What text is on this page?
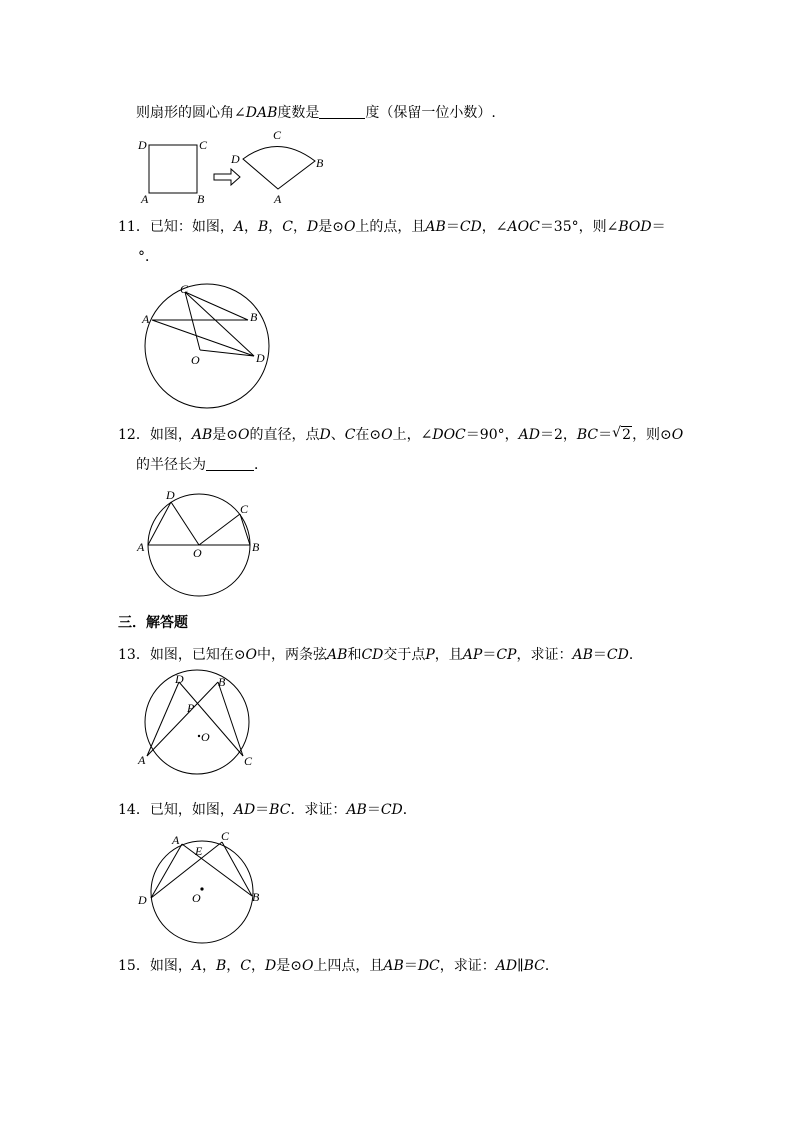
则扇形的圆心角∠DAB度数是	度（保留一位小数）.
D	C
A	B
D
C
B
A
11．已知：如图，A，B，C，D是⊙O上的点，且AB＝CD，∠AOC＝35°，则∠BOD＝
°．
A
C
B
D
O
12．如图，AB是⊙O的直径，点D、C在⊙O上，∠DOC＝90°，AD＝2，BC＝ √ 2，则⊙O
的半径长为	．
A
D
C
B
O
三．解答题
13．如图，已知在⊙O中，两条弦AB和CD交于点P，且AP＝CP，求证：AB＝CD．
A
D	B
C
P
O
14．已知，如图，AD＝BC．求证：AB＝CD．
A	C
E
D	B
O
15．如图，A，B，C，D是⊙O上四点，且AB＝DC，求证：AD∥BC．
